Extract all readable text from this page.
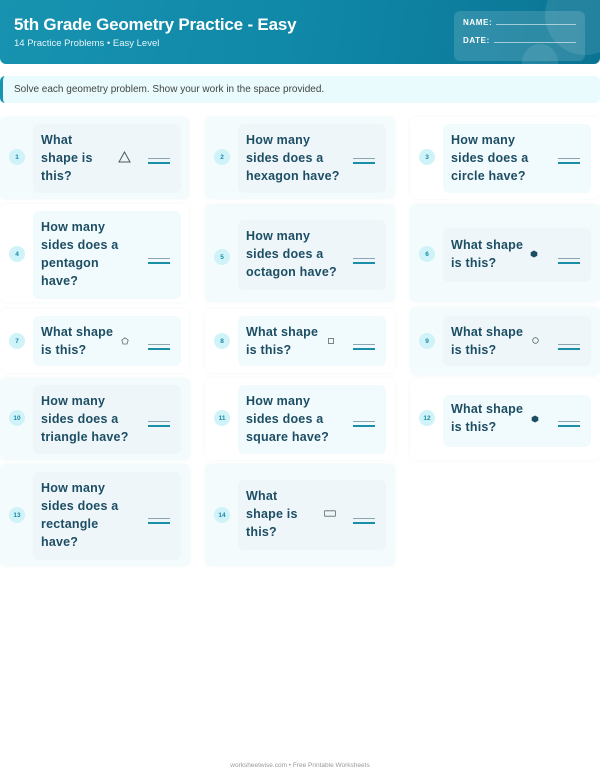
5th Grade Geometry Practice - Easy
14 Practice Problems • Easy Level
NAME:
DATE:
Solve each geometry problem. Show your work in the space provided.
1
What shape is this?
2
How many sides does a hexagon have?
3
How many sides does a circle have?
4
How many sides does a pentagon have?
5
How many sides does a octagon have?
6
What shape is this?
7
What shape is this?
8
What shape is this?
9
What shape is this?
10
How many sides does a triangle have?
11
How many sides does a square have?
12
What shape is this?
13
How many sides does a rectangle have?
14
What shape is this?
worksheetwise.com • Free Printable Worksheets
